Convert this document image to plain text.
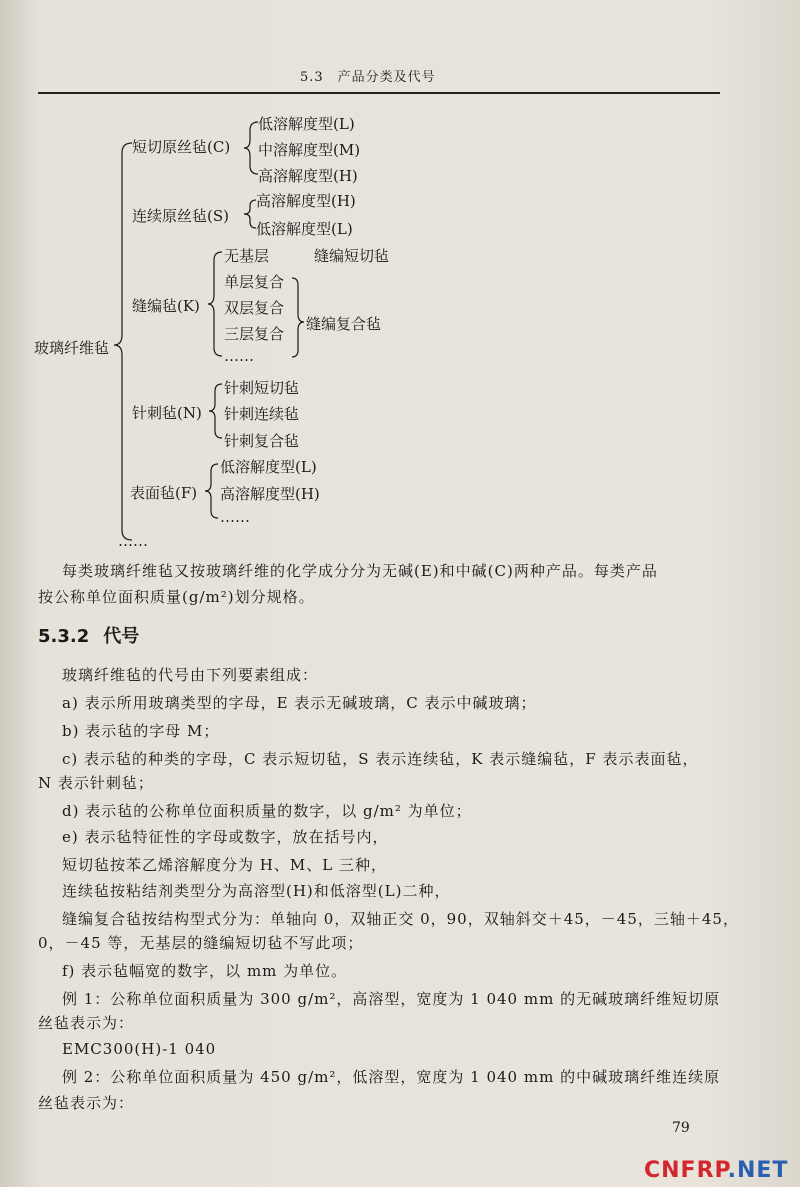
5.3　产品分类及代号
玻璃纤维毡
短切原丝毡(C)
低溶解度型(L)
中溶解度型(M)
高溶解度型(H)
连续原丝毡(S)
高溶解度型(H)
低溶解度型(L)
缝编毡(K)
无基层	缝编短切毡
单层复合
双层复合
三层复合
……
缝编复合毡
针刺毡(N)
针刺短切毡
针刺连续毡
针刺复合毡
表面毡(F)
低溶解度型(L)
高溶解度型(H)
……
……
每类玻璃纤维毡又按玻璃纤维的化学成分分为无碱(E)和中碱(C)两种产品。每类产品
按公称单位面积质量(g/m²)划分规格。
5.3.2 代号
玻璃纤维毡的代号由下列要素组成：
a) 表示所用玻璃类型的字母，E 表示无碱玻璃，C 表示中碱玻璃；
b) 表示毡的字母 M；
c) 表示毡的种类的字母，C 表示短切毡，S 表示连续毡，K 表示缝编毡，F 表示表面毡，
N 表示针刺毡；
d) 表示毡的公称单位面积质量的数字，以 g/m² 为单位；
e) 表示毡特征性的字母或数字，放在括号内，
短切毡按苯乙烯溶解度分为 H、M、L 三种，
连续毡按粘结剂类型分为高溶型(H)和低溶型(L)二种，
缝编复合毡按结构型式分为：单轴向 0，双轴正交 0，90，双轴斜交＋45，－45，三轴＋45，
0，－45 等，无基层的缝编短切毡不写此项；
f) 表示毡幅宽的数字，以 mm 为单位。
例 1：公称单位面积质量为 300 g/m²，高溶型，宽度为 1 040 mm 的无碱玻璃纤维短切原
丝毡表示为：
EMC300(H)-1 040
例 2：公称单位面积质量为 450 g/m²，低溶型，宽度为 1 040 mm 的中碱玻璃纤维连续原
丝毡表示为：
79
CNFRP.NET
